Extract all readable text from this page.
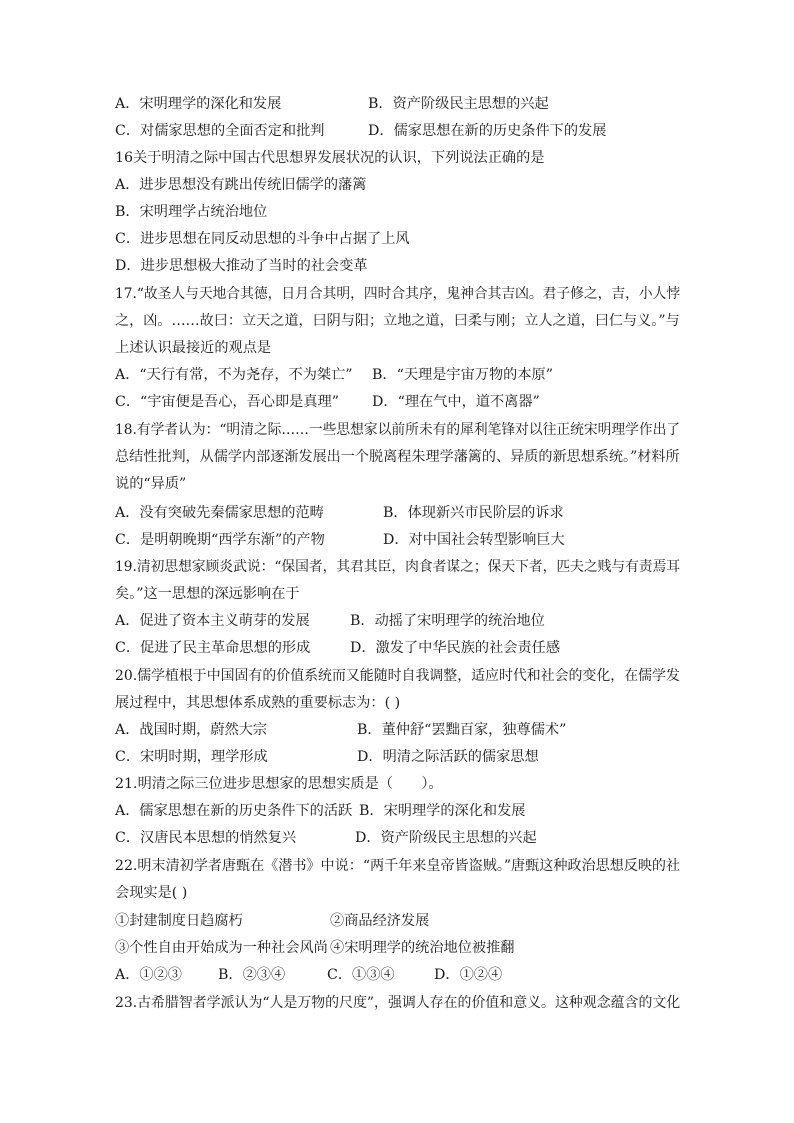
A．宋明理学的深化和发展	B．资产阶级民主思想的兴起
C．对儒家思想的全面否定和批判	D．儒家思想在新的历史条件下的发展
16关于明清之际中国古代思想界发展状况的认识，下列说法正确的是
A．进步思想没有跳出传统旧儒学的藩篱
B．宋明理学占统治地位
C．进步思想在同反动思想的斗争中占据了上风
D．进步思想极大推动了当时的社会变革
17.“故圣人与天地合其德，日月合其明，四时合其序，鬼神合其吉凶。君子修之，吉，小人悖
之，凶。……故曰：立天之道，曰阴与阳；立地之道，曰柔与刚；立人之道，曰仁与义。”与
上述认识最接近的观点是
A．“天行有常，不为尧存，不为桀亡” B．“天理是宇宙万物的本原”
C．“宇宙便是吾心，吾心即是真理” D．“理在气中，道不离器”
18.有学者认为：“明清之际……一些思想家以前所未有的犀利笔锋对以往正统宋明理学作出了
总结性批判，从儒学内部逐渐发展出一个脱离程朱理学藩篱的、异质的新思想系统。”材料所
说的“异质”
A．没有突破先秦儒家思想的范畴	B．体现新兴市民阶层的诉求
C．是明朝晚期“西学东渐”的产物	D．对中国社会转型影响巨大
19.清初思想家顾炎武说：“保国者，其君其臣，肉食者谋之；保天下者，匹夫之贱与有责焉耳
矣。”这一思想的深远影响在于
A．促进了资本主义萌芽的发展	B．动摇了宋明理学的统治地位
C．促进了民主革命思想的形成	D．激发了中华民族的社会责任感
20.儒学植根于中国固有的价值系统而又能随时自我调整，适应时代和社会的变化，在儒学发
展过程中，其思想体系成熟的重要标志为：( )
A．战国时期，蔚然大宗	B．董仲舒“罢黜百家，独尊儒术”
C．宋明时期，理学形成	D．明清之际活跃的儒家思想
21.明清之际三位进步思想家的思想实质是（　　）。
A．儒家思想在新的历史条件下的活跃 B．宋明理学的深化和发展
C．汉唐民本思想的悄然复兴	D．资产阶级民主思想的兴起
22.明末清初学者唐甄在《潜书》中说：“两千年来皇帝皆盗贼。”唐甄这种政治思想反映的社
会现实是( )
①封建制度日趋腐朽	②商品经济发展
③个性自由开始成为一种社会风尚 ④宋明理学的统治地位被推翻
A．①②③	B．②③④	C．①③④	D．①②④
23.古希腊智者学派认为“人是万物的尺度”，强调人存在的价值和意义。这种观念蕴含的文化
